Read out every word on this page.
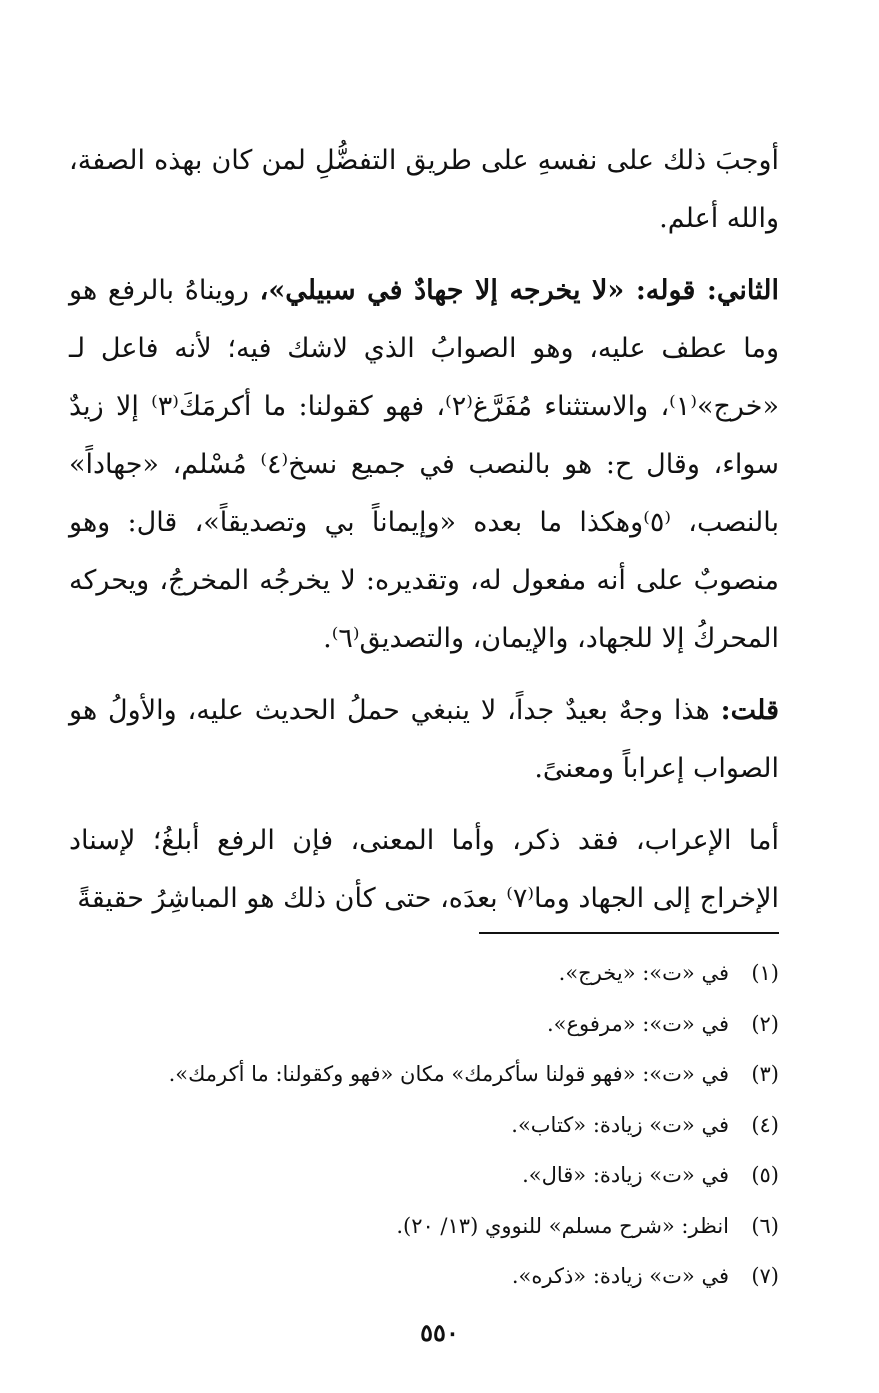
أوجبَ ذلك على نفسهِ على طريق التفضُّلِ لمن كان بهذه الصفة، والله أعلم.

الثاني: قوله: «لا يخرجه إلا جهادٌ في سبيلي»، رويناهُ بالرفع هو وما عطف عليه، وهو الصوابُ الذي لاشك فيه؛ لأنه فاعل لـ «خرج»⁽١⁾، والاستثناء مُفَرَّغ⁽٢⁾، فهو كقولنا: ما أكرمَكَ⁽٣⁾ إلا زيدٌ سواء، وقال ح: هو بالنصب في جميع نسخ⁽٤⁾ مُسْلم، «جهاداً» بالنصب، ⁽٥⁾وهكذا ما بعده «وإيماناً بي وتصديقاً»، قال: وهو منصوبٌ على أنه مفعول له، وتقديره: لا يخرجُه المخرجُ، ويحركه المحركُ إلا للجهاد، والإيمان، والتصديق⁽٦⁾.

قلت: هذا وجهٌ بعيدٌ جداً، لا ينبغي حملُ الحديث عليه، والأولُ هو الصواب إعراباً ومعنىً.

أما الإعراب، فقد ذكر، وأما المعنى، فإن الرفع أبلغُ؛ لإسناد الإخراج إلى الجهاد وما⁽٧⁾ بعدَه، حتى كأن ذلك هو المباشِرُ حقيقةً

(١)في «ت»: «يخرج».
(٢)في «ت»: «مرفوع».
(٣)في «ت»: «فهو قولنا سأكرمك» مكان «فهو وكقولنا: ما أكرمك».
(٤)في «ت» زيادة: «كتاب».
(٥)في «ت» زيادة: «قال».
(٦)انظر: «شرح مسلم» للنووي (١٣/ ٢٠).
(٧)في «ت» زيادة: «ذكره».
٥٥٠
